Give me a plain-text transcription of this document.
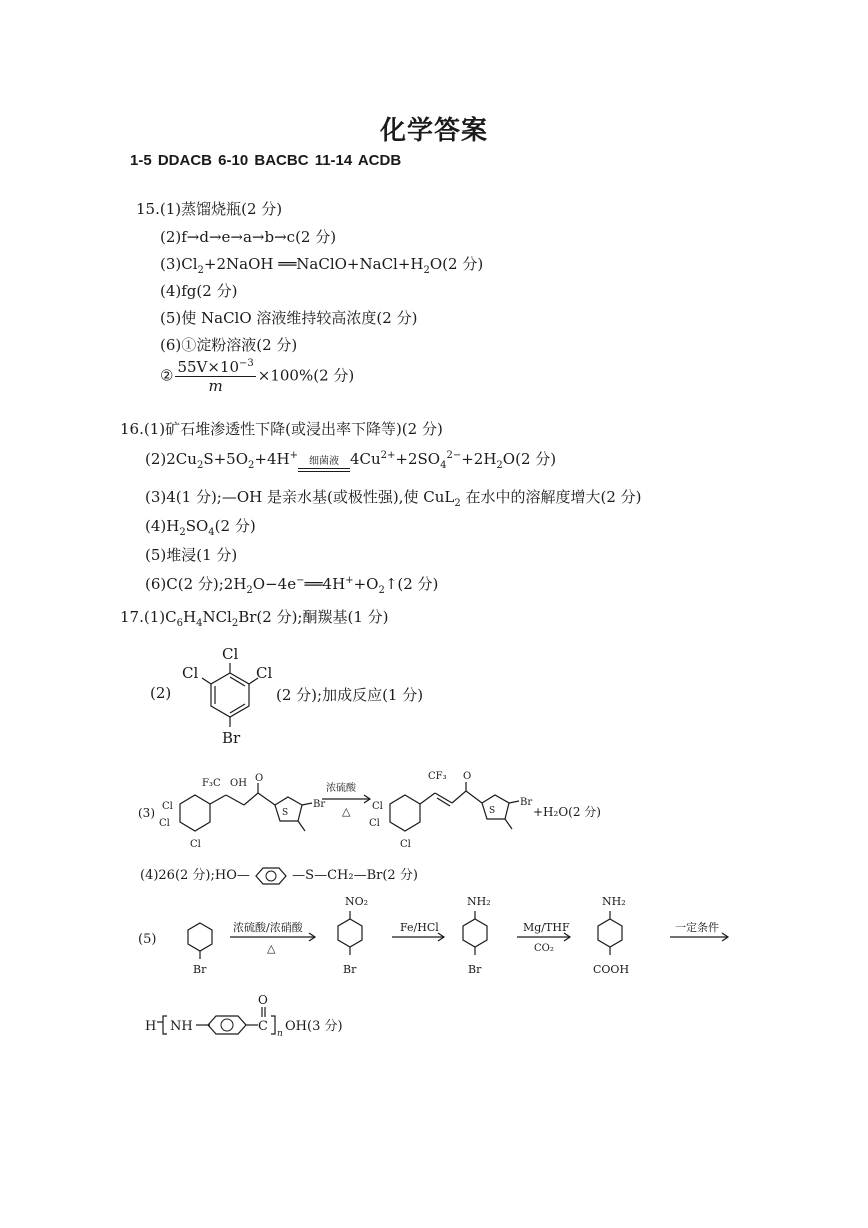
化学答案
1-5 DDACB 6-10 BACBC 11-14 ACDB
15.(1)蒸馏烧瓶(2 分)
(2)f→d→e→a→b→c(2 分)
$(3)Cl_2+2NaOH$ $══NaClO+NaCl+H_2O(2$ 分)
(4)fg(2 分)
(5)使 NaClO 溶液维持较高浓度(2 分)
(6)①淀粉溶液(2 分)
② $\frac{55V\times 10^{-3}}{m} \times 100\%(2$ 分)
16.(1)矿石堆渗透性下降(或浸出率下降等)(2 分)
$(2)2Cu_2S+5O_2+4H^+$
细菌液 $4Cu^{2+}+2SO_4^{2-}+2H_2O(2$ 分)
(3)4(1 分);—OH 是亲水基(或极性强),使 CuL$_2$ 在水中的溶解度增大(2 分)
$(4)H_2SO_4(2$ 分)
(5)堆浸(1 分)
(6)C(2 分)$;2H_2O-4e^-══4H^++O_2↑(2$ 分)
$17.(1)C_6H_4NCl_2Br(2$ 分);酮羰基(1 分)
(2)
Cl
Cl	Cl
Br
(2 分);加成反应(1 分)
(3) Cl
Cl
Cl
F₃C OH O
S
Br
浓硫酸
△ Cl
Cl
Cl
CF₃ O
S
Br
+H₂O(2 分)
(4)26(2 分);HO—	—S—CH₂—Br(2 分)
(5)
Br
浓硫酸/浓硝酸
△
NO₂
Br
Fe/HCl
NH₂
Br
Mg/THF
CO₂
NH₂
COOH
一定条件
H NH	C
O
n OH(3 分)
